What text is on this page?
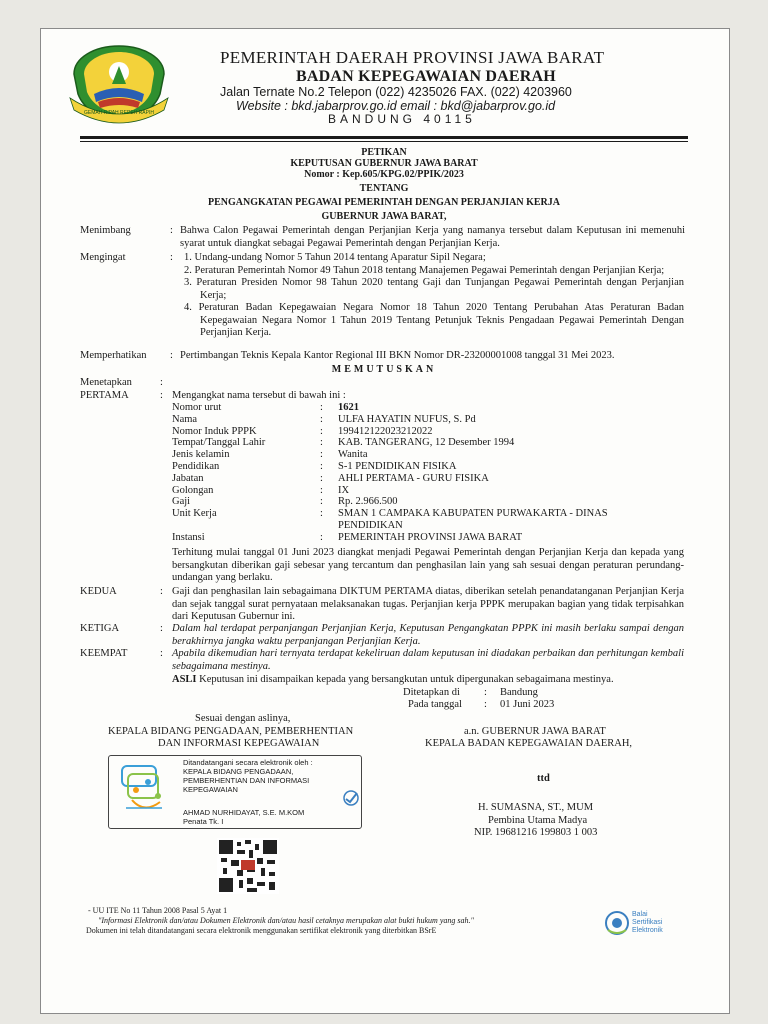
GEMAH RIPAH REPEH RAPIH
PEMERINTAH DAERAH PROVINSI JAWA BARAT
BADAN KEPEGAWAIAN DAERAH
Jalan Ternate No.2 Telepon (022) 4235026 FAX. (022) 4203960
Website : bkd.jabarprov.go.id email : bkd@jabarprov.go.id
BANDUNG 40115
PETIKAN
KEPUTUSAN GUBERNUR JAWA BARAT
Nomor : Kep.605/KPG.02/PPIK/2023
TENTANG
PENGANGKATAN PEGAWAI PEMERINTAH DENGAN PERJANJIAN KERJA
GUBERNUR JAWA BARAT,
Menimbang	: Bahwa Calon Pegawai Pemerintah dengan Perjanjian Kerja yang namanya tersebut dalam Keputusan ini memenuhi syarat untuk diangkat sebagai Pegawai Pemerintah dengan Perjanjian Kerja.
Mengingat	: 1. Undang-undang Nomor 5 Tahun 2014 tentang Aparatur Sipil Negara;
2. Peraturan Pemerintah Nomor 49 Tahun 2018 tentang Manajemen Pegawai Pemerintah dengan Perjanjian Kerja;
3. Peraturan Presiden Nomor 98 Tahun 2020 tentang Gaji dan Tunjangan Pegawai Pemerintah dengan Perjanjian Kerja;
4. Peraturan Badan Kepegawaian Negara Nomor 18 Tahun 2020 Tentang Perubahan Atas Peraturan Badan Kepegawaian Negara Nomor 1 Tahun 2019 Tentang Petunjuk Teknis Pengadaan Pegawai Pemerintah Dengan Perjanjian Kerja.
Memperhatikan : Pertimbangan Teknis Kepala Kantor Regional III BKN Nomor DR-23200001008 tanggal 31 Mei 2023.
MEMUTUSKAN
Menetapkan	:
PERTAMA	: Mengangkat nama tersebut di bawah ini :
Nomor urut	: 1621
Nama	: ULFA HAYATIN NUFUS, S. Pd
Nomor Induk PPPK	: 199412122023212022
Tempat/Tanggal Lahir	: KAB. TANGERANG, 12 Desember 1994
Jenis kelamin	: Wanita
Pendidikan	: S-1 PENDIDIKAN FISIKA
Jabatan	: AHLI PERTAMA - GURU FISIKA
Golongan	: IX
Gaji	: Rp. 2.966.500
Unit Kerja	: SMAN 1 CAMPAKA KABUPATEN PURWAKARTA - DINAS
PENDIDIKAN
Instansi	: PEMERINTAH PROVINSI JAWA BARAT
Terhitung mulai tanggal 01 Juni 2023 diangkat menjadi Pegawai Pemerintah dengan Perjanjian Kerja dan kepada yang bersangkutan diberikan gaji sebesar yang tercantum dan penghasilan lain yang sah sesuai dengan peraturan perundang-undangan yang berlaku.
KEDUA	: Gaji dan penghasilan lain sebagaimana DIKTUM PERTAMA diatas, diberikan setelah penandatanganan Perjanjian Kerja dan sejak tanggal surat pernyataan melaksanakan tugas. Perjanjian kerja PPPK merupakan bagian yang tidak terpisahkan dari Keputusan Gubernur ini.
KETIGA	: Dalam hal terdapat perpanjangan Perjanjian Kerja, Keputusan Pengangkatan PPPK ini masih berlaku sampai dengan berakhirnya jangka waktu perpanjangan Perjanjian Kerja.
KEEMPAT	: Apabila dikemudian hari ternyata terdapat kekeliruan dalam keputusan ini diadakan perbaikan dan perhitungan kembali sebagaimana mestinya.
ASLI Keputusan ini disampaikan kepada yang bersangkutan untuk dipergunakan sebagaimana mestinya.
Ditetapkan di : Bandung
Pada tanggal : 01 Juni 2023
Sesuai dengan aslinya,
KEPALA BIDANG PENGADAAN, PEMBERHENTIAN
DAN INFORMASI KEPEGAWAIAN
Ditandatangani secara elektronik oleh :
KEPALA BIDANG PENGADAAN,
PEMBERHENTIAN DAN INFORMASI
KEPEGAWAIAN
AHMAD NURHIDAYAT, S.E. M.KOM
Penata Tk. I
a.n. GUBERNUR JAWA BARAT
KEPALA BADAN KEPEGAWAIAN DAERAH,
ttd
H. SUMASNA, ST., MUM
Pembina Utama Madya
NIP. 19681216 199803 1 003
- UU ITE No 11 Tahun 2008 Pasal 5 Ayat 1
"Informasi Elektronik dan/atau Dokumen Elektronik dan/atau hasil cetaknya merupakan alat bukti hukum yang sah."
Dokumen ini telah ditandatangani secara elektronik menggunakan sertifikat elektronik yang diterbitkan BSrE
Balai
Sertifikasi
Elektronik
